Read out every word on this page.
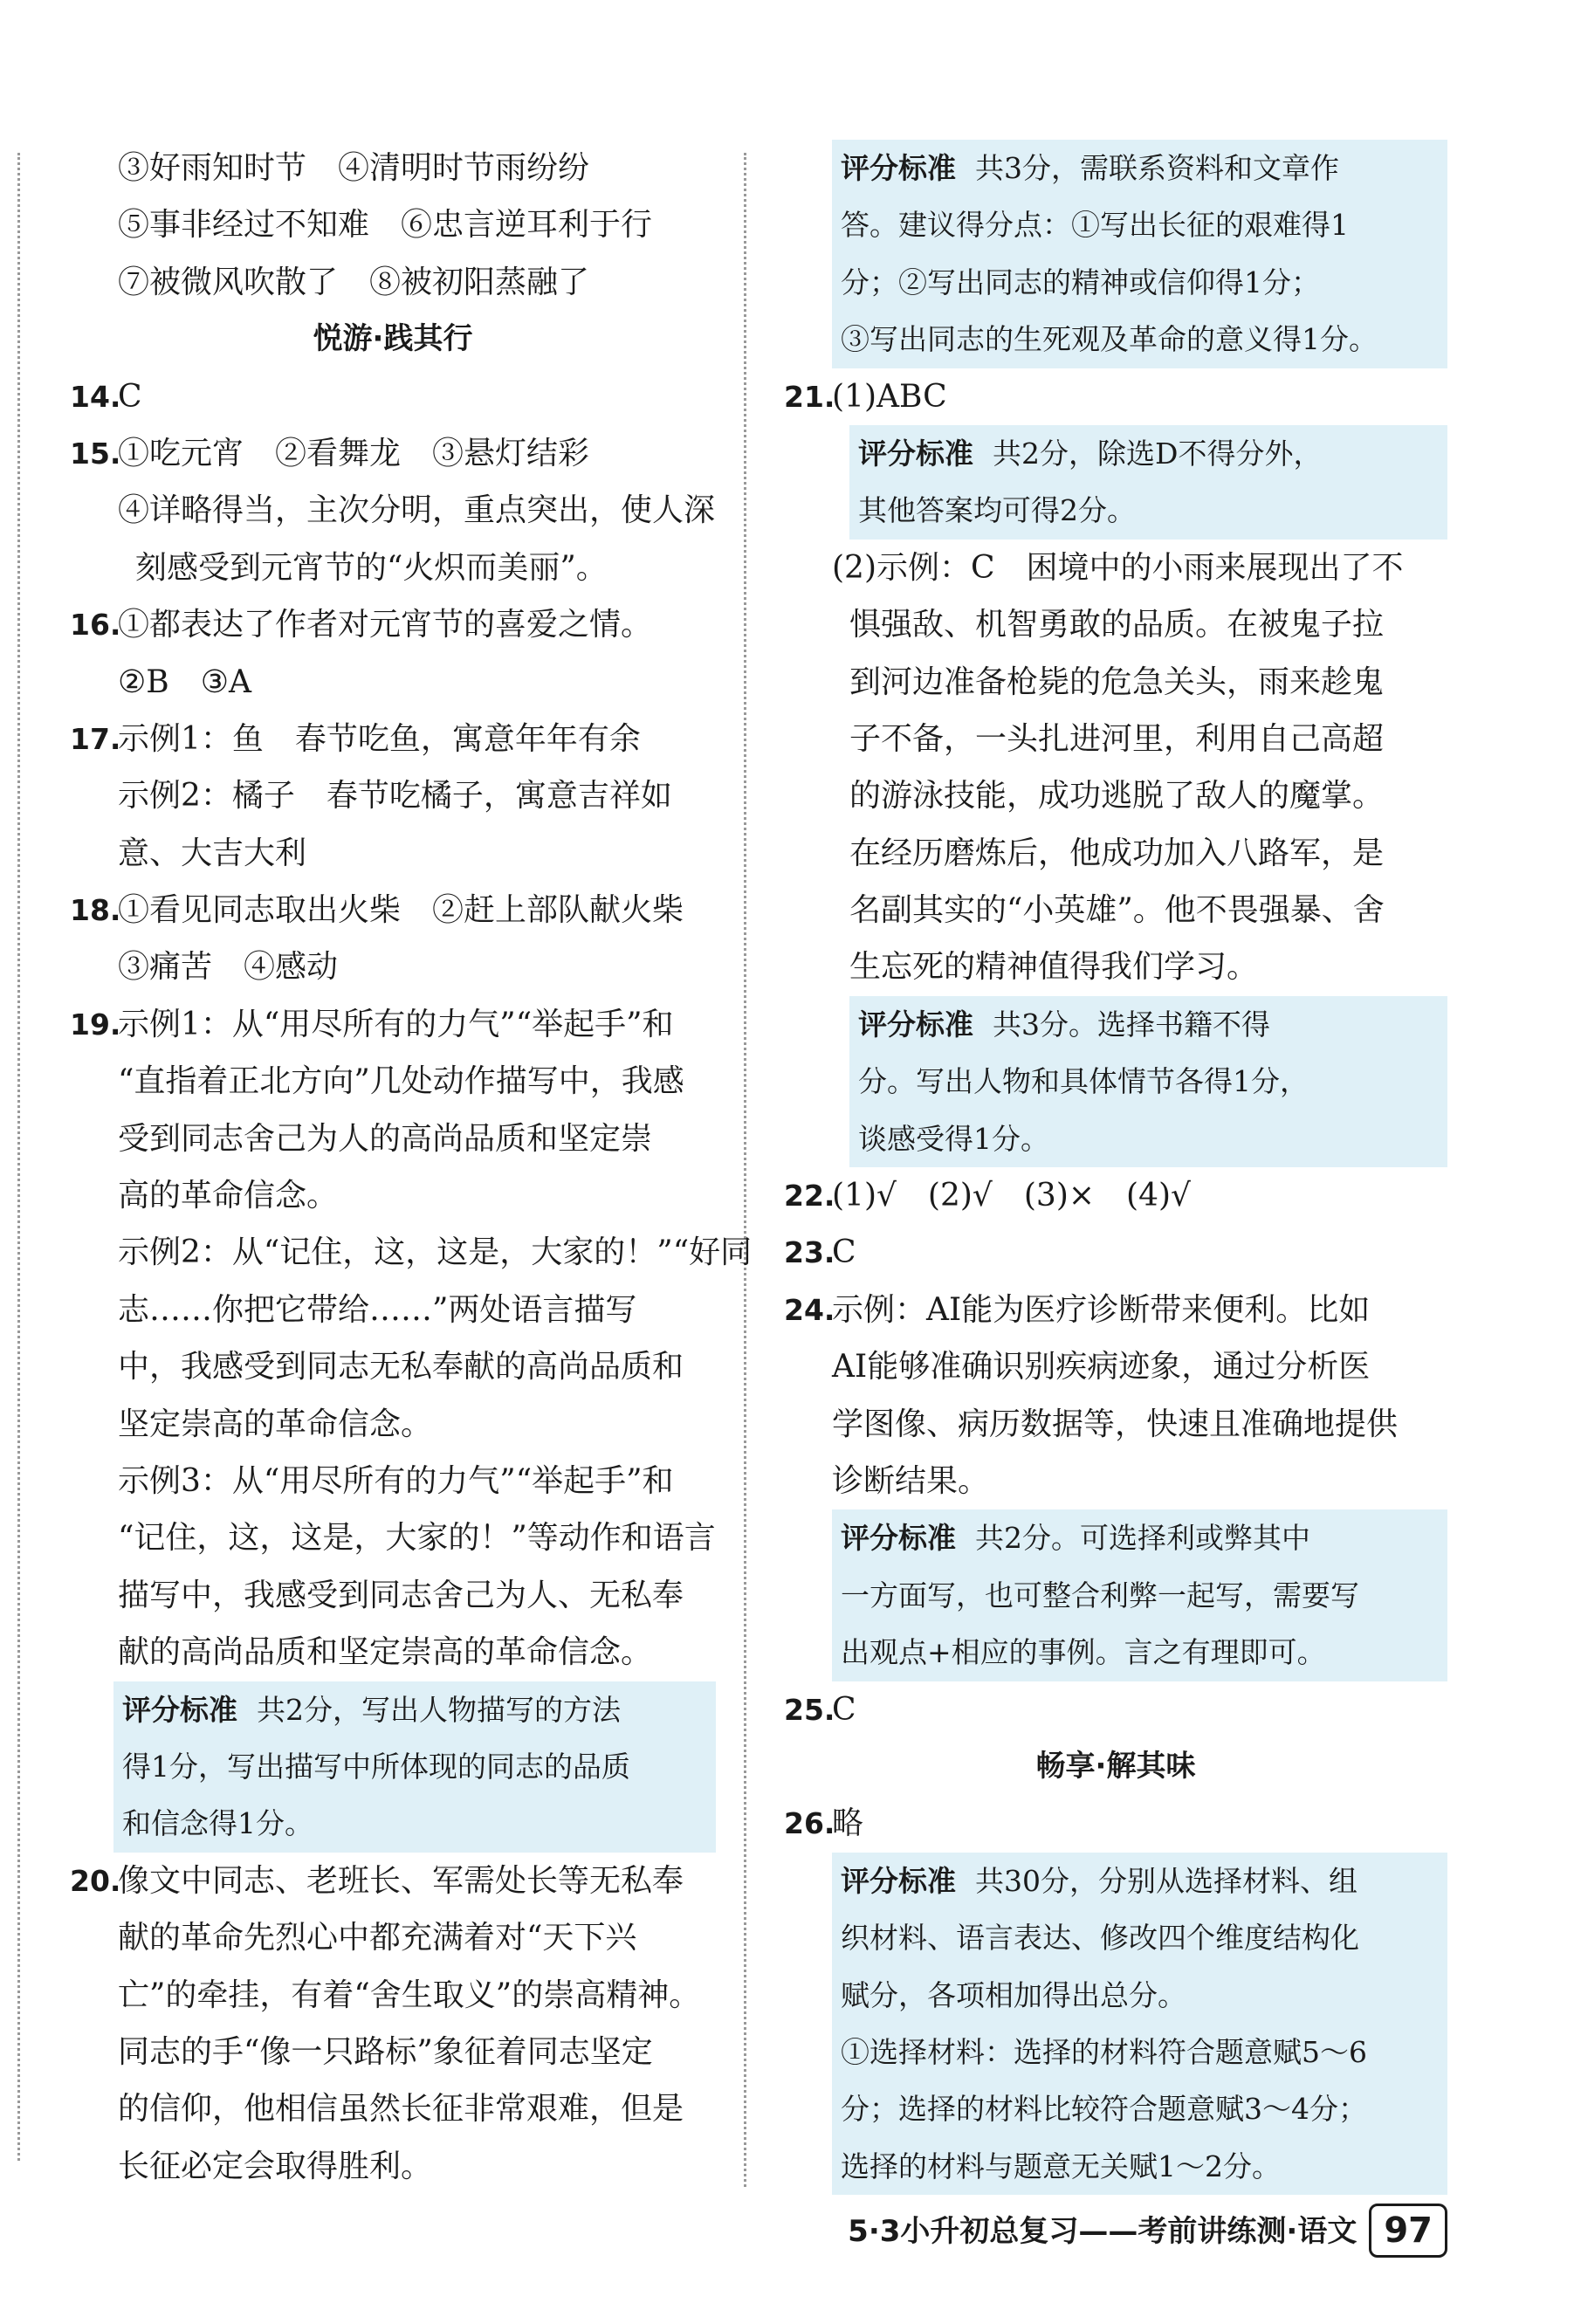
③好雨知时节　④清明时节雨纷纷
⑤事非经过不知难　⑥忠言逆耳利于行
⑦被微风吹散了　⑧被初阳蒸融了
悦游·践其行
14.
C
15.
①吃元宵　②看舞龙　③悬灯结彩
④详略得当，主次分明，重点突出，使人深
刻感受到元宵节的“火炽而美丽”。
16.
①都表达了作者对元宵节的喜爱之情。
②B　③A
17.
示例1：鱼　春节吃鱼，寓意年年有余
示例2：橘子　春节吃橘子，寓意吉祥如
意、大吉大利
18.
①看见同志取出火柴　②赶上部队献火柴
③痛苦　④感动
19.
示例1：从“用尽所有的力气”“举起手”和
“直指着正北方向”几处动作描写中，我感
受到同志舍己为人的高尚品质和坚定崇
高的革命信念。
示例2：从“记住，这，这是，大家的！”“好同
志……你把它带给……”两处语言描写
中，我感受到同志无私奉献的高尚品质和
坚定崇高的革命信念。
示例3：从“用尽所有的力气”“举起手”和
“记住，这，这是，大家的！”等动作和语言
描写中，我感受到同志舍己为人、无私奉
献的高尚品质和坚定崇高的革命信念。
评分标准 共2分，写出人物描写的方法
得1分，写出描写中所体现的同志的品质
和信念得1分。
20.
像文中同志、老班长、军需处长等无私奉
献的革命先烈心中都充满着对“天下兴
亡”的牵挂，有着“舍生取义”的崇高精神。
同志的手“像一只路标”象征着同志坚定
的信仰，他相信虽然长征非常艰难，但是
长征必定会取得胜利。
评分标准 共3分，需联系资料和文章作
答。建议得分点：①写出长征的艰难得1
分；②写出同志的精神或信仰得1分；
③写出同志的生死观及革命的意义得1分。
21.
(1)ABC
评分标准 共2分，除选D不得分外，
其他答案均可得2分。
(2)示例：C　困境中的小雨来展现出了不
惧强敌、机智勇敢的品质。在被鬼子拉
到河边准备枪毙的危急关头，雨来趁鬼
子不备，一头扎进河里，利用自己高超
的游泳技能，成功逃脱了敌人的魔掌。
在经历磨炼后，他成功加入八路军，是
名副其实的“小英雄”。他不畏强暴、舍
生忘死的精神值得我们学习。
评分标准 共3分。选择书籍不得
分。写出人物和具体情节各得1分，
谈感受得1分。
22.
(1)√　(2)√　(3)×　(4)√
23.
C
24.
示例：AI能为医疗诊断带来便利。比如
AI能够准确识别疾病迹象，通过分析医
学图像、病历数据等，快速且准确地提供
诊断结果。
评分标准 共2分。可选择利或弊其中
一方面写，也可整合利弊一起写，需要写
出观点+相应的事例。言之有理即可。
25.
C
畅享·解其味
26.
略
评分标准 共30分，分别从选择材料、组
织材料、语言表达、修改四个维度结构化
赋分，各项相加得出总分。
①选择材料：选择的材料符合题意赋5～6
分；选择的材料比较符合题意赋3～4分；
选择的材料与题意无关赋1～2分。
5·3小升初总复习——考前讲练测·语文 97
